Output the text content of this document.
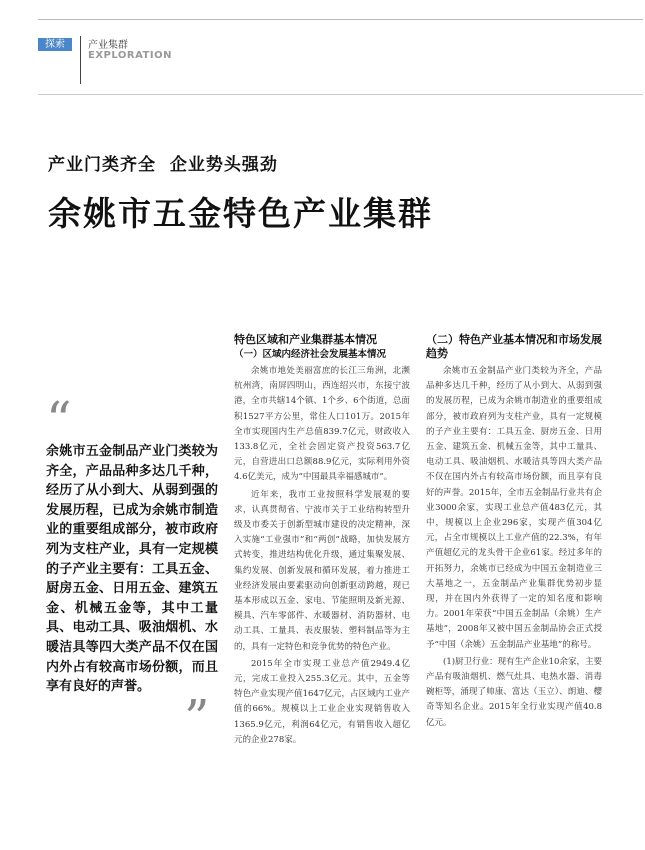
探索	产业集群
EXPLORATION
产业门类齐全  企业势头强劲
余姚市五金特色产业集群
“

余姚市五金制品产业门类较为齐全，产品品种多达几千种，经历了从小到大、从弱到强的发展历程，已成为余姚市制造业的重要组成部分，被市政府列为支柱产业，具有一定规模的子产业主要有：工具五金、厨房五金、日用五金、建筑五金、机械五金等，其中工量具、电动工具、吸油烟机、水暖洁具等四大类产品不仅在国内外占有较高市场份额，而且享有良好的声誉。

”
特色区域和产业集群基本情况
（一）区域内经济社会发展基本情况

余姚市地处美丽富庶的长江三角洲，北濒杭州湾，南屏四明山，西连绍兴市，东接宁波港，全市共辖14个镇、1个乡、6个街道，总面积1527平方公里，常住人口101万。2015年全市实现国内生产总值839.7亿元，财政收入133.8亿元，全社会固定资产投资563.7亿元，自营进出口总额88.9亿元，实际利用外资4.6亿美元，成为“中国最具幸福感城市”。

近年来，我市工业按照科学发展观的要求，认真贯彻省、宁波市关于工业结构转型升级及市委关于创新型城市建设的决定精神，深入实施“工业强市”和“两创”战略，加快发展方式转变，推进结构优化升级，通过集聚发展、集约发展、创新发展和循环发展，着力推进工业经济发展由要素驱动向创新驱动跨越，现已基本形成以五金、家电、节能照明及新光源、模具、汽车零部件、水暖器材、消防器材、电动工具、工量具、表皮服装、塑料制品等为主的，具有一定特色和竞争优势的特色产业。

2015年全市实现工业总产值2949.4亿元，完成工业投入255.3亿元。其中，五金等特色产业实现产值1647亿元，占区域内工业产值的66%。规模以上工业企业实现销售收入1365.9亿元，利润64亿元，有销售收入超亿元的企业278家。

（二）特色产业基本情况和市场发展趋势

余姚市五金制品产业门类较为齐全，产品品种多达几千种，经历了从小到大、从弱到强的发展历程，已成为余姚市制造业的重要组成部分，被市政府列为支柱产业，具有一定规模的子产业主要有：工具五金、厨房五金、日用五金、建筑五金、机械五金等，其中工量具、电动工具、吸油烟机、水暖洁具等四大类产品不仅在国内外占有较高市场份额，而且享有良好的声誉。2015年，全市五金制品行业共有企业3000余家，实现工业总产值483亿元，其中，规模以上企业296家，实现产值304亿元，占全市规模以上工业产值的22.3%，有年产值超亿元的龙头骨干企业61家。经过多年的开拓努力，余姚市已经成为中国五金制造业三大基地之一，五金制品产业集群优势初步显现，并在国内外获得了一定的知名度和影响力。2001年荣获“中国五金制品（余姚）生产基地”，2008年又被中国五金制品协会正式授予“中国（余姚）五金制品产业基地”的称号。

(1)厨卫行业：现有生产企业10余家，主要产品有吸油烟机、燃气灶具、电热水器、消毒碗柜等，涌现了帅康、富达（玉立）、朗迪、樱奇等知名企业。2015年全行业实现产值40.8亿元。
